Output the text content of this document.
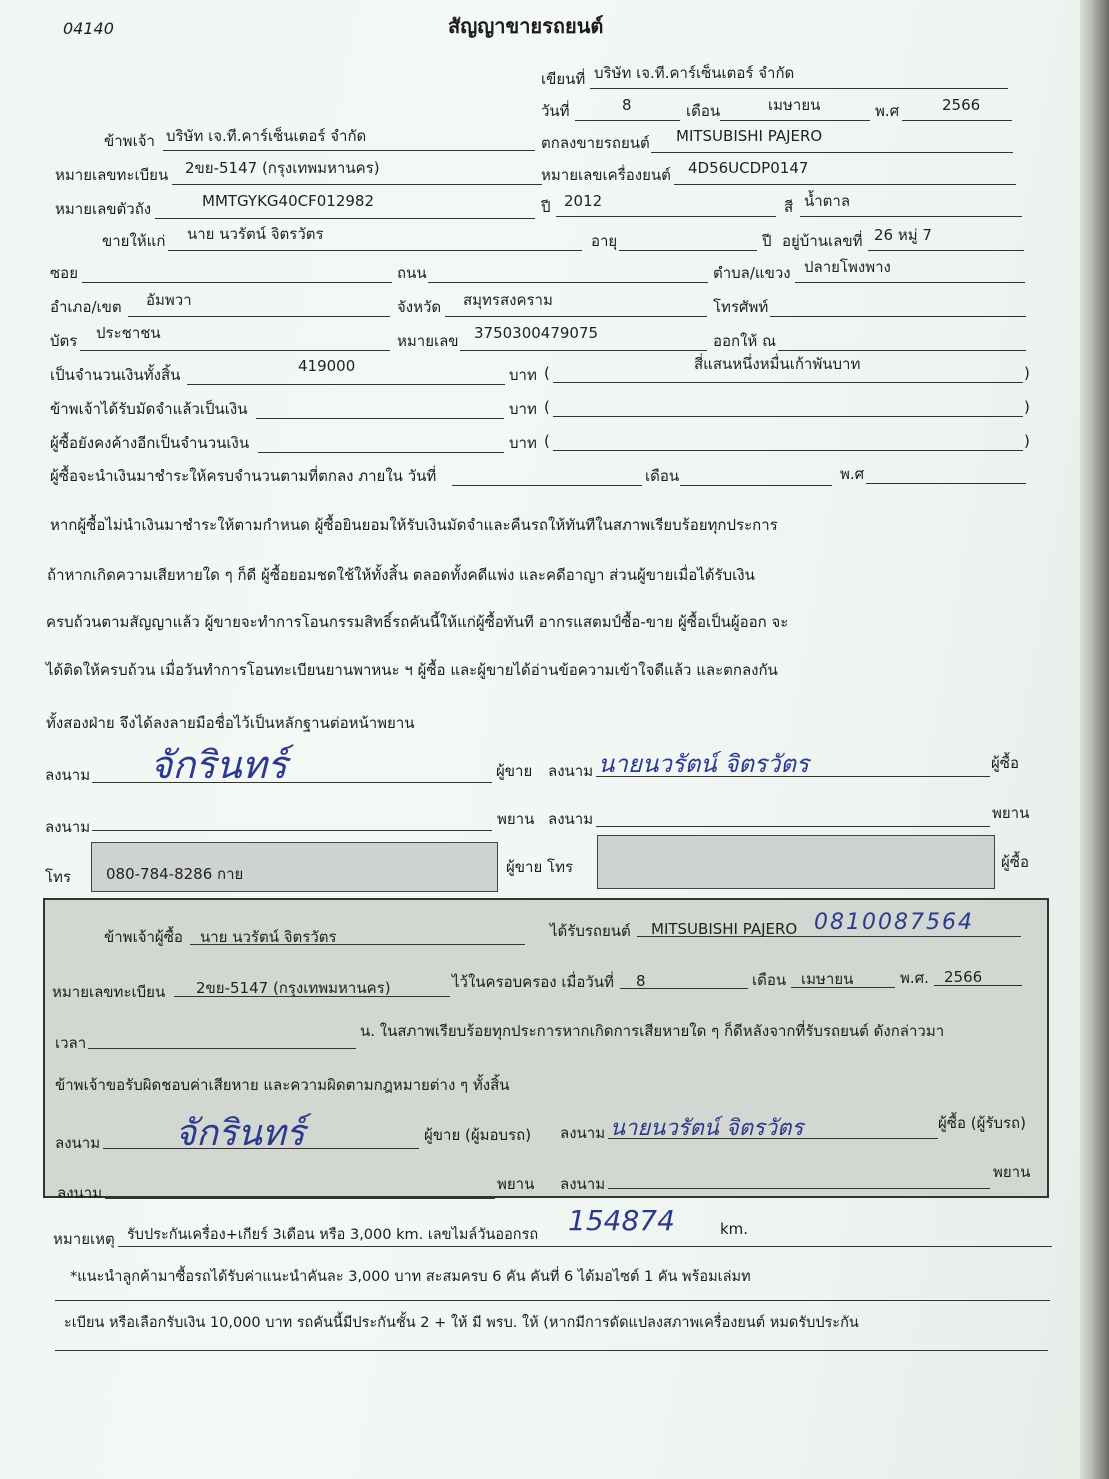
04140	สัญญาขายรถยนต์
เขียนที่ บริษัท เจ.ที.คาร์เซ็นเตอร์ จำกัด
วันที่	8	เดือน	เมษายน	พ.ศ	2566
ข้าพเจ้า บริษัท เจ.ที.คาร์เซ็นเตอร์ จำกัด	ตกลงขายรถยนต์ MITSUBISHI PAJERO
หมายเลขทะเบียน 2ขย-5147 (กรุงเทพมหานคร)	หมายเลขเครื่องยนต์ 4D56UCDP0147
หมายเลขตัวถัง	MMTGYKG40CF012982	ปี 2012	สี น้ำตาล
ขายให้แก่ นาย นวรัตน์ จิตรวัตร	อายุ	ปี อยู่บ้านเลขที่ 26 หมู่ 7
ซอย	ถนน	ตำบล/แขวง ปลายโพงพาง
อำเภอ/เขต อัมพวา	จังหวัด สมุทรสงคราม	โทรศัพท์
บัตร ประชาชน	หมายเลข 3750300479075	ออกให้ ณ
เป็นจำนวนเงินทั้งสิ้น	419000	บาท (	สี่แสนหนึ่งหมื่นเก้าพันบาท	)
ข้าพเจ้าได้รับมัดจำแล้วเป็นเงิน	บาท (	)
ผู้ซื้อยังคงค้างอีกเป็นจำนวนเงิน	บาท (	)
ผู้ซื้อจะนำเงินมาชำระให้ครบจำนวนตามที่ตกลง ภายใน วันที่	เดือน	พ.ศ
หากผู้ซื้อไม่นำเงินมาชำระให้ตามกำหนด ผู้ซื้อยินยอมให้รับเงินมัดจำและคืนรถให้ทันทีในสภาพเรียบร้อยทุกประการ
ถ้าหากเกิดความเสียหายใด ๆ ก็ดี ผู้ซื้อยอมชดใช้ให้ทั้งสิ้น ตลอดทั้งคดีแพ่ง และคดีอาญา ส่วนผู้ขายเมื่อได้รับเงิน
ครบถ้วนตามสัญญาแล้ว ผู้ขายจะทำการโอนกรรมสิทธิ์รถคันนี้ให้แก่ผู้ซื้อทันที อากรแสตมป์ซื้อ-ขาย ผู้ซื้อเป็นผู้ออก จะ
ได้ติดให้ครบถ้วน เมื่อวันทำการโอนทะเบียนยานพาหนะ ฯ ผู้ซื้อ และผู้ขายได้อ่านข้อความเข้าใจดีแล้ว และตกลงกัน
ทั้งสองฝ่าย จึงได้ลงลายมือชื่อไว้เป็นหลักฐานต่อหน้าพยาน
ลงนาม จักรินทร์	ผู้ขาย ลงนาม นายนวรัตน์ จิตรวัตร	ผู้ซื้อ
ลงนาม	พยาน ลงนาม	พยาน
โทร 080-784-8286 กาย	ผู้ขาย โทร	ผู้ซื้อ
ข้าพเจ้าผู้ซื้อ นาย นวรัตน์ จิตรวัตร	ได้รับรถยนต์ MITSUBISHI PAJERO 0810087564
หมายเลขทะเบียน 2ขย-5147 (กรุงเทพมหานคร)	ไว้ในครอบครอง เมื่อวันที่ 8	เดือน เมษายน	พ.ศ. 2566
เวลา
น. ในสภาพเรียบร้อยทุกประการหากเกิดการเสียหายใด ๆ ก็ดีหลังจากที่รับรถยนต์ ดังกล่าวมา
ข้าพเจ้าขอรับผิดชอบค่าเสียหาย และความผิดตามกฎหมายต่าง ๆ ทั้งสิ้น
ลงนาม จักรินทร์	ผู้ขาย (ผู้มอบรถ) ลงนาม นายนวรัตน์ จิตรวัตร	ผู้ซื้อ (ผู้รับรถ)
ลงนาม	พยาน ลงนาม
พยาน
หมายเหตุ รับประกันเครื่อง+เกียร์ 3เดือน หรือ 3,000 km. เลขไมล์วันออกรถ 154874	km.
*แนะนำลูกค้ามาซื้อรถได้รับค่าแนะนำคันละ 3,000 บาท สะสมครบ 6 คัน คันที่ 6 ได้มอไซต์ 1 คัน พร้อมเล่มท
ะเบียน หรือเลือกรับเงิน 10,000 บาท รถคันนี้มีประกันชั้น 2 + ให้ มี พรบ. ให้ (หากมีการดัดแปลงสภาพเครื่องยนต์ หมดรับประกัน
